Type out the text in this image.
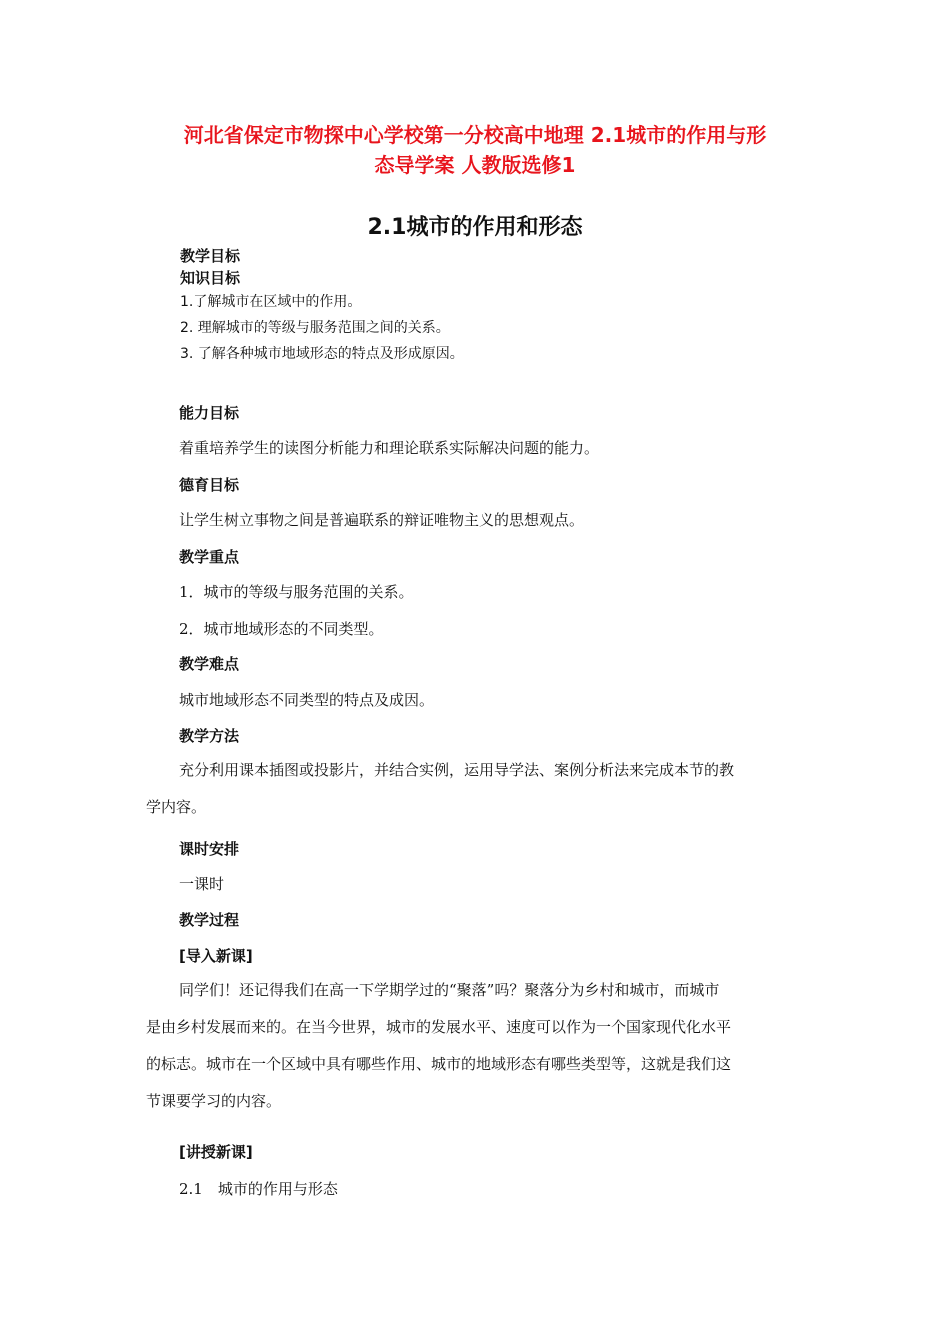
河北省保定市物探中心学校第一分校高中地理 2.1城市的作用与形
态导学案 人教版选修1
2.1城市的作用和形态
教学目标
知识目标
1.了解城市在区域中的作用。
2. 理解城市的等级与服务范围之间的关系。
3. 了解各种城市地域形态的特点及形成原因。
能力目标
着重培养学生的读图分析能力和理论联系实际解决问题的能力。
德育目标
让学生树立事物之间是普遍联系的辩证唯物主义的思想观点。
教学重点
1．城市的等级与服务范围的关系。
2．城市地域形态的不同类型。
教学难点
城市地域形态不同类型的特点及成因。
教学方法
充分利用课本插图或投影片，并结合实例，运用导学法、案例分析法来完成本节的教
学内容。
课时安排
一课时
教学过程
[导入新课]
同学们！还记得我们在高一下学期学过的“聚落”吗？聚落分为乡村和城市，而城市
是由乡村发展而来的。在当今世界，城市的发展水平、速度可以作为一个国家现代化水平
的标志。城市在一个区域中具有哪些作用、城市的地域形态有哪些类型等，这就是我们这
节课要学习的内容。
[讲授新课]
2.1　城市的作用与形态
